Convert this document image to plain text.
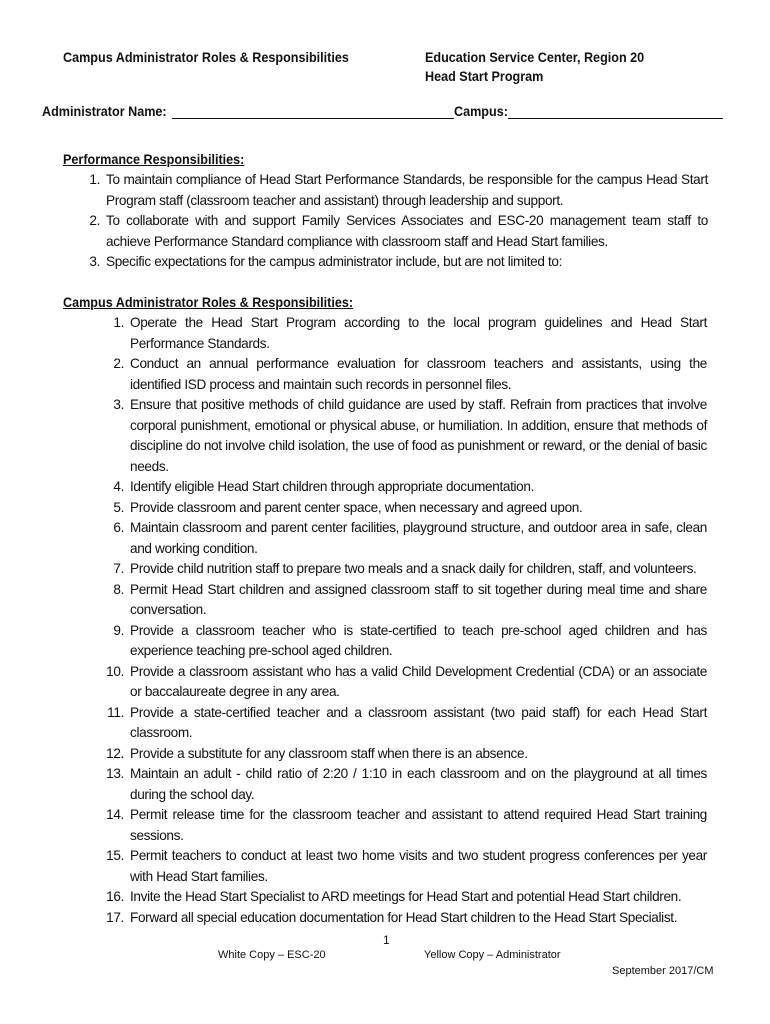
Campus Administrator Roles & Responsibilities	Education Service Center, Region 20
Head Start Program
Administrator Name:	Campus:
Performance Responsibilities:
1. To maintain compliance of Head Start Performance Standards, be responsible for the campus Head Start Program staff (classroom teacher and assistant) through leadership and support.
2. To collaborate with and support Family Services Associates and ESC-20 management team staff to achieve Performance Standard compliance with classroom staff and Head Start families.
3. Specific expectations for the campus administrator include, but are not limited to:
Campus Administrator Roles & Responsibilities:
1. Operate the Head Start Program according to the local program guidelines and Head Start Performance Standards.
2. Conduct an annual performance evaluation for classroom teachers and assistants, using the identified ISD process and maintain such records in personnel files.
3. Ensure that positive methods of child guidance are used by staff. Refrain from practices that involve corporal punishment, emotional or physical abuse, or humiliation. In addition, ensure that methods of discipline do not involve child isolation, the use of food as punishment or reward, or the denial of basic needs.
4. Identify eligible Head Start children through appropriate documentation.
5. Provide classroom and parent center space, when necessary and agreed upon.
6. Maintain classroom and parent center facilities, playground structure, and outdoor area in safe, clean and working condition.
7. Provide child nutrition staff to prepare two meals and a snack daily for children, staff, and volunteers.
8. Permit Head Start children and assigned classroom staff to sit together during meal time and share conversation.
9. Provide a classroom teacher who is state-certified to teach pre-school aged children and has experience teaching pre-school aged children.
10. Provide a classroom assistant who has a valid Child Development Credential (CDA) or an associate or baccalaureate degree in any area.
11. Provide a state-certified teacher and a classroom assistant (two paid staff) for each Head Start classroom.
12. Provide a substitute for any classroom staff when there is an absence.
13. Maintain an adult - child ratio of 2:20 / 1:10 in each classroom and on the playground at all times during the school day.
14. Permit release time for the classroom teacher and assistant to attend required Head Start training sessions.
15. Permit teachers to conduct at least two home visits and two student progress conferences per year with Head Start families.
16. Invite the Head Start Specialist to ARD meetings for Head Start and potential Head Start children.
17. Forward all special education documentation for Head Start children to the Head Start Specialist.
1
White Copy – ESC-20	Yellow Copy – Administrator
September 2017/CM
